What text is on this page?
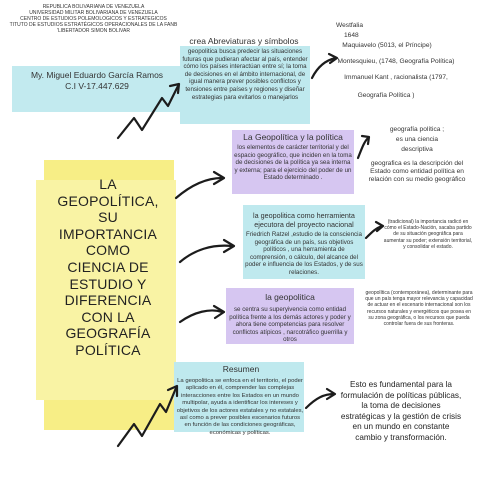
REPUBLICA BOLIVARIANA DE VENEZUELA
UNIVERSIDAD MILITAR BOLIVARIANA DE VENEZUELA
CENTRO DE ESTUDIOS POLEMOLOGICOS Y ESTRATEGICOS
TITUTO DE ESTUDIOS ESTRATÉGICOS OPERACIONALES DE LA FANB
'LIBERTADOR SIMON BOLIVAR
My. Miguel Eduardo García Ramos
C.I V-17.447.629
LA
GEOPOLÍTICA,
SU
IMPORTANCIA
COMO
CIENCIA DE
ESTUDIO Y
DIFERENCIA
CON LA
GEOGRAFÍA
POLÍTICA
crea Abreviaturas y símbolos
geopolitica busca predecir las situaciones futuras que pudieran afectar al país, entender cómo los países interactúan entre sí; la toma de decisiones en el ámbito internacional, de igual manera prever posibles conflictos y tensiones entre países y regiones y diseñar estrategias para evitarlos o manejarlos
Westfalia
1648
Maquiavelo (5013, el Príncipe)
Montesquieu, (1748, Geografía Política)
Immanuel Kant , racionalista (1797,
Geografía Política )
La Geopolítica y la política
los elementos de carácter territorial y del espacio geográfico, que inciden en la toma de decisiones de la política ya sea interna y externa; para el ejercicio del poder de un Estado determinado .
geografía política ;
es una ciencia
descriptiva
geografica es la descripción del Estado como entidad política en relación con su medio geográfico
la geopolitica como herramienta ejecutora del proyecto nacional
Friedrich Ratzel ,estudio de la consciencia geográfica de un país, sus objetivos políticos , una herramienta de comprensión, o cálculo, del alcance del poder e influencia de los Estados, y de sus relaciones.
(tradicional) la importancia radicó en cómo el Estado-Nación, sacaba partido de su situación geográfica para aumentar su poder; extensión territorial, y consolidar el estado.
la geopolitica
se centra su superyivencia como entidad política frente a los demás actores y poder y ahora tiene competencias para resolver conflictos atípicos , narcotráfico guerrilla y otros
geopolítica (contemporánea), determinante para que un país tenga mayor relevancia y capacidad de actuar en el escenario internacional son los recursos naturales y energéticos que posea en su zona geográfica, o los recursos que pueda controlar fuera de sus fronteras.
Resumen
La geopolitica se enfoca en el territorio, el poder aplicado en él, comprender las complejas interacciones entre los Estados en un mundo multipolar, ayuda a identificar los intereses y objetivos de los actores estatales y no estatales, así como a prever posibles escenarios futuros en función de las condiciones geográficas, económicas y políticas.
Esto es fundamental para la formulación de políticas públicas, la toma de decisiones estratégicas y la gestión de crisis en un mundo en constante cambio y transformación.
